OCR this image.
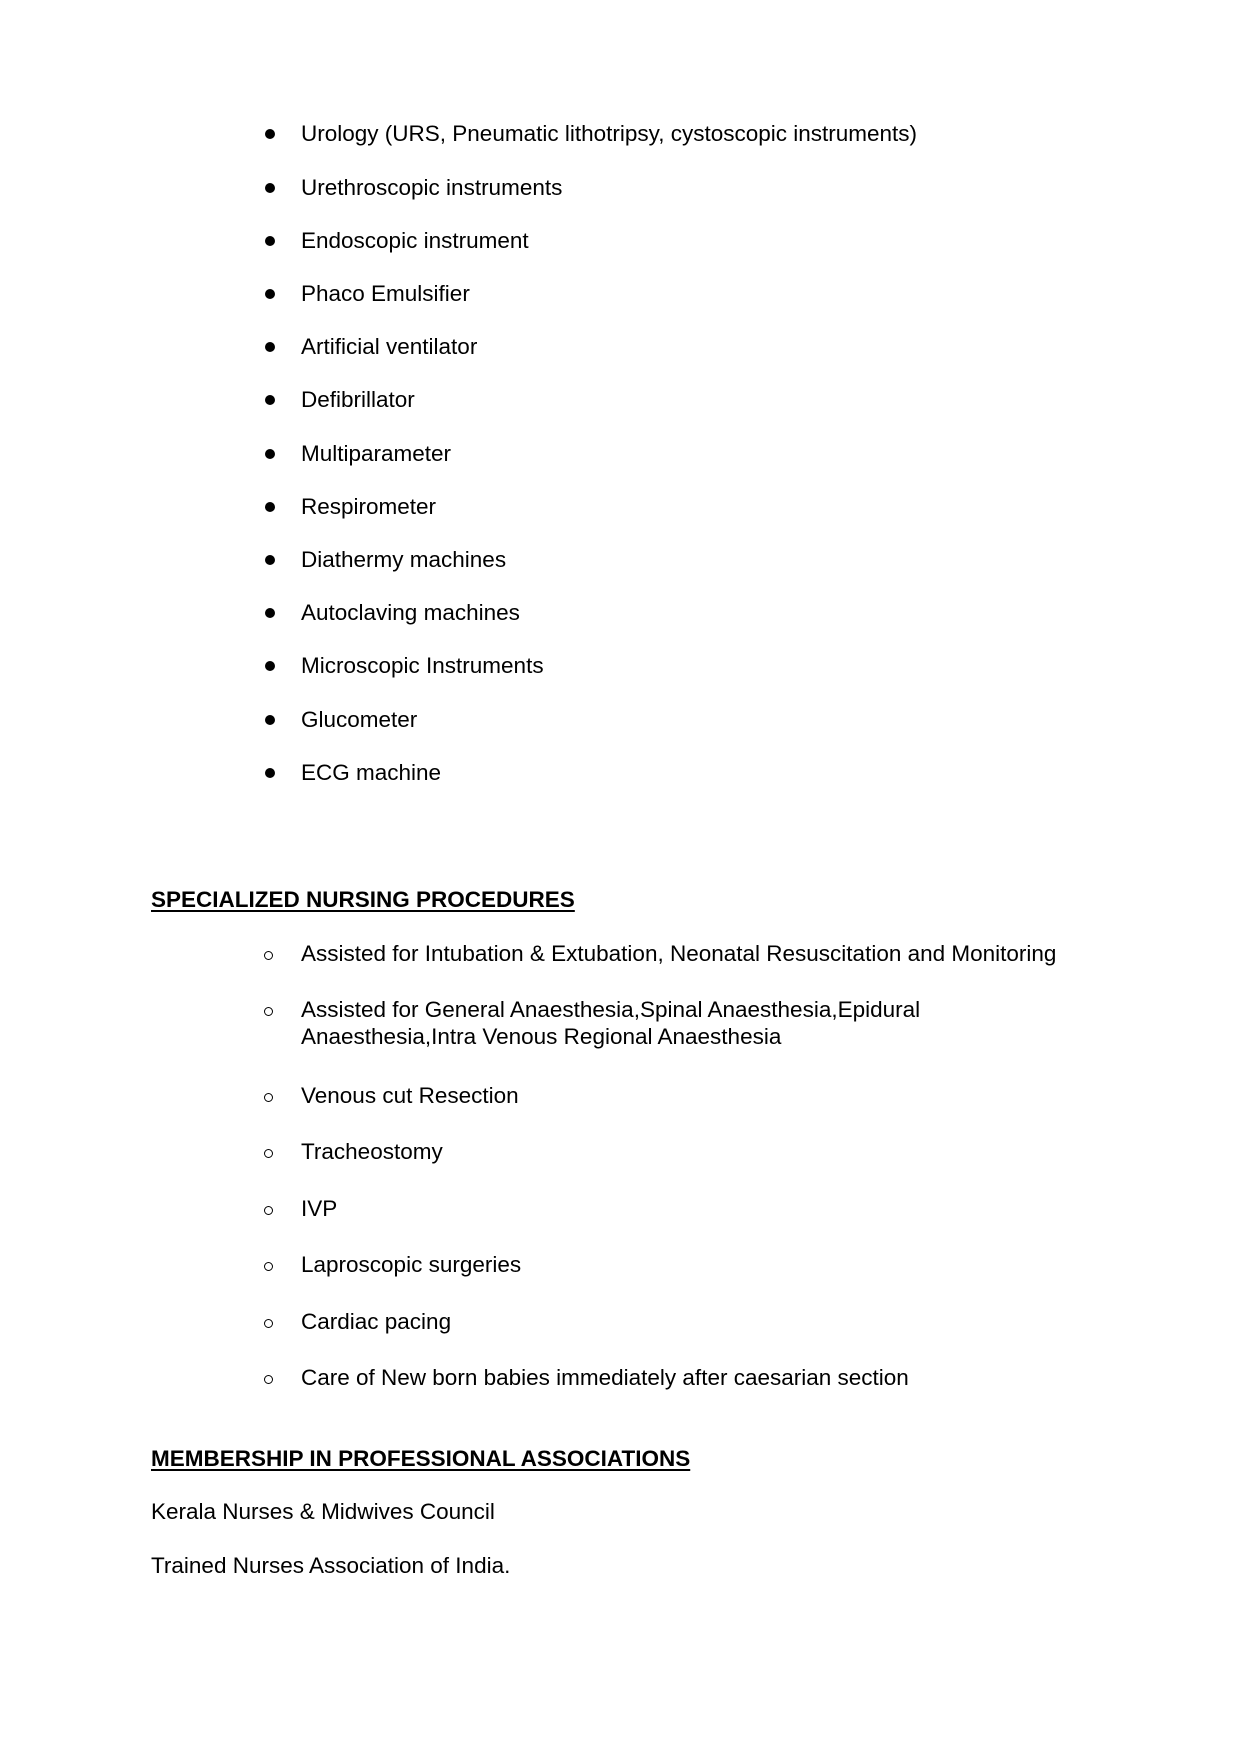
Urology (URS, Pneumatic lithotripsy, cystoscopic instruments)
Urethroscopic instruments
Endoscopic instrument
Phaco Emulsifier
Artificial ventilator
Defibrillator
Multiparameter
Respirometer
Diathermy machines
Autoclaving machines
Microscopic Instruments
Glucometer
ECG machine
SPECIALIZED NURSING PROCEDURES
Assisted for Intubation & Extubation, Neonatal Resuscitation and Monitoring
Assisted for General Anaesthesia,Spinal Anaesthesia,Epidural Anaesthesia,Intra Venous Regional Anaesthesia
Venous cut Resection
Tracheostomy
IVP
Laproscopic surgeries
Cardiac pacing
Care of New born babies immediately after caesarian section
MEMBERSHIP IN PROFESSIONAL ASSOCIATIONS
Kerala Nurses & Midwives Council
Trained Nurses Association of India.
